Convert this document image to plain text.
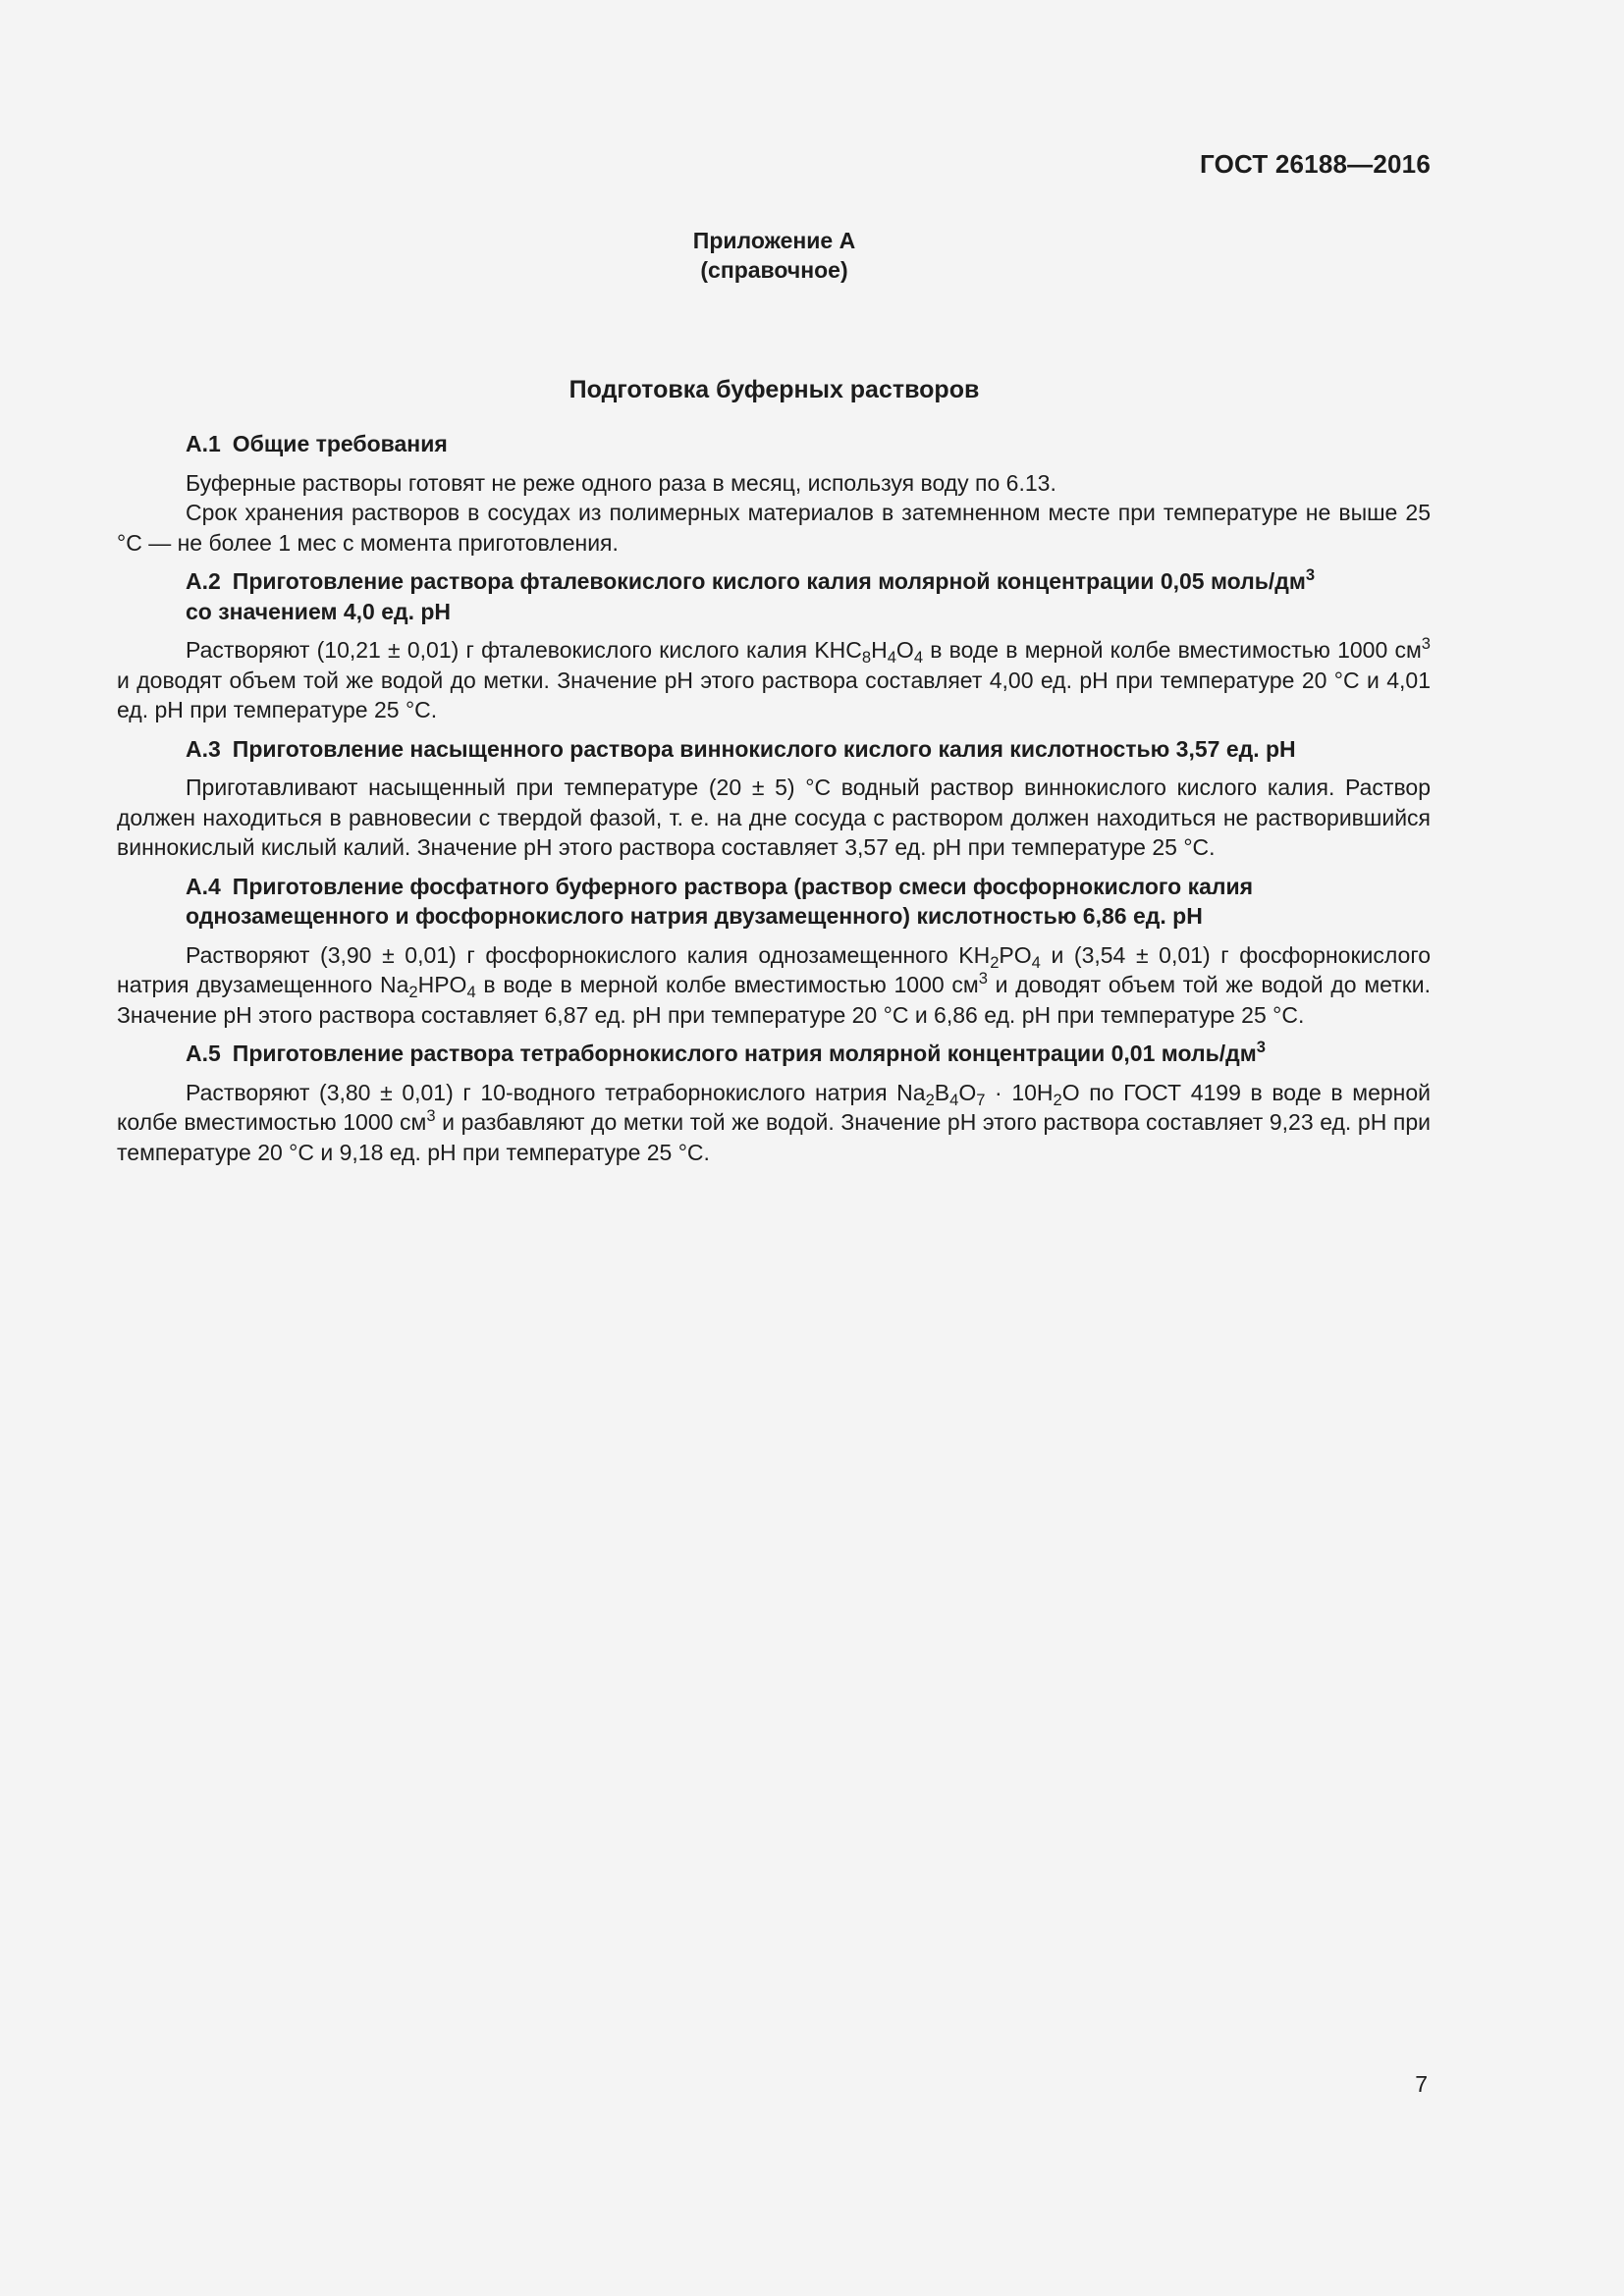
ГОСТ 26188—2016
Приложение А
(справочное)
Подготовка буферных растворов
А.1 Общие требования

Буферные растворы готовят не реже одного раза в месяц, используя воду по 6.13.

Срок хранения растворов в сосудах из полимерных материалов в затемненном месте при температуре не выше 25 °С — не более 1 мес с момента приготовления.

А.2 Приготовление раствора фталевокислого кислого калия молярной концентрации 0,05 моль/$дм^3$
со значением 4,0 ед. рН

Растворяют (10,21 ± 0,01) г фталевокислого кислого калия $KHC_8H_4O_4$ в воде в мерной колбе вместимостью 1000 $см^3$ и доводят объем той же водой до метки. Значение рН этого раствора составляет 4,00 ед. рН при температуре 20 °С и 4,01 ед. рН при температуре 25 °С.

А.3 Приготовление насыщенного раствора виннокислого кислого калия кислотностью 3,57 ед. рН

Приготавливают насыщенный при температуре (20 ± 5) °С водный раствор виннокислого кислого калия. Раствор должен находиться в равновесии с твердой фазой, т. е. на дне сосуда с раствором должен находиться не растворившийся виннокислый кислый калий. Значение рН этого раствора составляет 3,57 ед. рН при температуре 25 °С.

А.4 Приготовление фосфатного буферного раствора (раствор смеси фосфорнокислого калия однозамещенного и фосфорнокислого натрия двузамещенного) кислотностью 6,86 ед. рН

Растворяют (3,90 ± 0,01) г фосфорнокислого калия однозамещенного $KH_2PO_4$ и (3,54 ± 0,01) г фосфорнокислого натрия двузамещенного $Na_2HPO_4$ в воде в мерной колбе вместимостью 1000 $см^3$ и доводят объем той же водой до метки. Значение рН этого раствора составляет 6,87 ед. рН при температуре 20 °С и 6,86 ед. рН при температуре 25 °С.

А.5 Приготовление раствора тетраборнокислого натрия молярной концентрации 0,01 моль/$дм^3$

Растворяют (3,80 ± 0,01) г 10-водного тетраборнокислого натрия $Na_2B_4O_7 \cdot 10H_2O$ по ГОСТ 4199 в воде в мерной колбе вместимостью 1000 $см^3$ и разбавляют до метки той же водой. Значение рН этого раствора составляет 9,23 ед. рН при температуре 20 °С и 9,18 ед. рН при температуре 25 °С.

7
